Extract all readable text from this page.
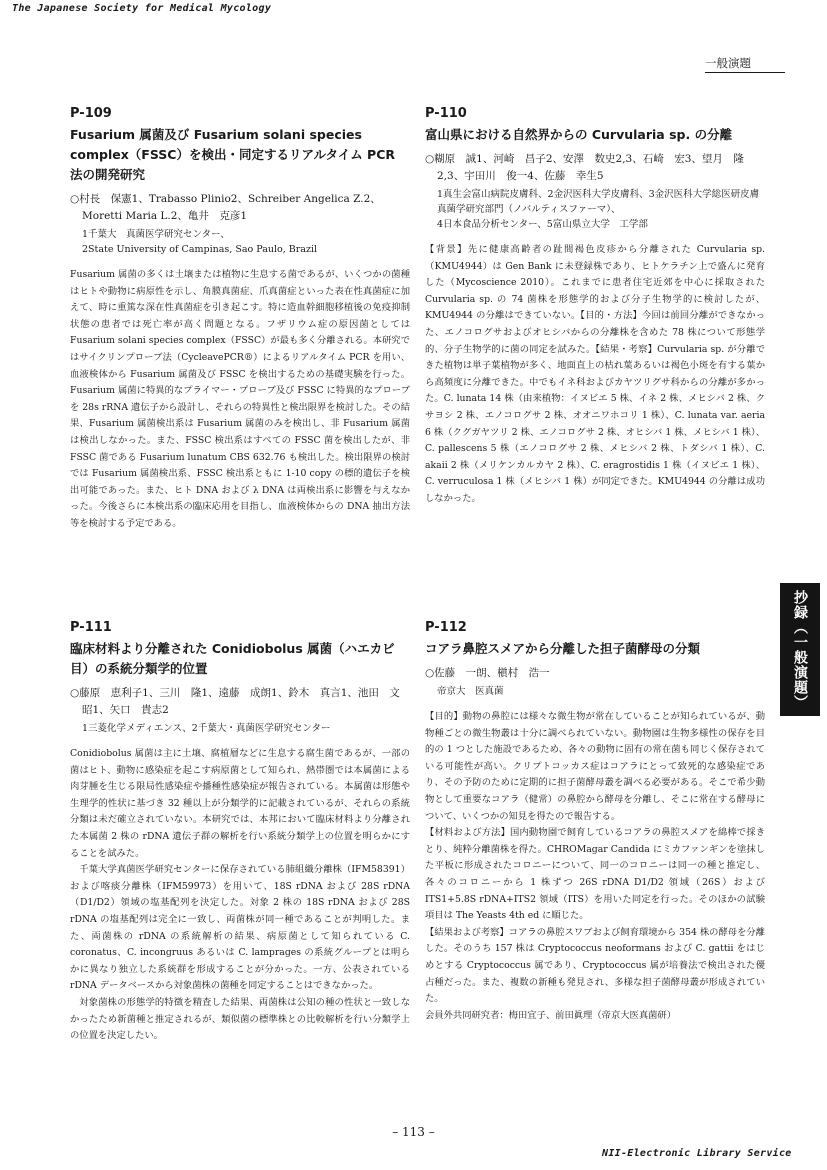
The Japanese Society for Medical Mycology
一般演題
P-109
Fusarium 属菌及び Fusarium solani species complex（FSSC）を検出・同定するリアルタイム PCR 法の開発研究
○村長　保憲1、Trabasso Plinio2、Schreiber Angelica Z.2、Moretti Maria L.2、亀井　克彦1
1千葉大　真菌医学研究センター、
2State University of Campinas, Sao Paulo, Brazil

Fusarium 属菌の多くは土壌または植物に生息する菌であるが、いくつかの菌種はヒトや動物に病原性を示し、角膜真菌症、爪真菌症といった表在性真菌症に加えて、時に重篤な深在性真菌症を引き起こす。特に造血幹細胞移植後の免疫抑制状態の患者では死亡率が高く問題となる。フザリウム症の原因菌としては Fusarium solani species complex（FSSC）が最も多く分離される。本研究ではサイクリンプローブ法（CycleavePCR®）によるリアルタイム PCR を用い、血液検体から Fusarium 属菌及び FSSC を検出するための基礎実験を行った。Fusarium 属菌に特異的なプライマー・プローブ及び FSSC に特異的なプローブを 28s rRNA 遺伝子から設計し、それらの特異性と検出限界を検討した。その結果、Fusarium 属菌検出系は Fusarium 属菌のみを検出し、非 Fusarium 属菌は検出しなかった。また、FSSC 検出系はすべての FSSC 菌を検出したが、非 FSSC 菌である Fusarium lunatum CBS 632.76 も検出した。検出限界の検討では Fusarium 属菌検出系、FSSC 検出系ともに 1-10 copy の標的遺伝子を検出可能であった。また、ヒト DNA および λ DNA は両検出系に影響を与えなかった。今後さらに本検出系の臨床応用を目指し、血液検体からの DNA 抽出方法等を検討する予定である。

P-110
富山県における自然界からの Curvularia sp. の分離
○糊原　誠1、河崎　昌子2、安澤　数史2,3、石崎　宏3、望月　隆2,3、宇田川　俊一4、佐藤　幸生5
1真生会富山病院皮膚科、2金沢医科大学皮膚科、3金沢医科大学総医研皮膚真菌学研究部門（ノバルティスファーマ）、
4日本食品分析センター、5富山県立大学　工学部

【背景】先に健康高齢者の趾間褐色皮疹から分離された Curvularia sp.（KMU4944）は Gen Bank に未登録株であり、ヒトケラチン上で盛んに発育した（Mycoscience 2010）。これまでに患者住宅近郊を中心に採取された Curvularia sp. の 74 菌株を形態学的および分子生物学的に検討したが、KMU4944 の分離はできていない。【目的・方法】今回は前回分離ができなかった、エノコログサおよびオヒシバからの分離株を含めた 78 株について形態学的、分子生物学的に菌の同定を試みた。【結果・考察】Curvularia sp. が分離できた植物は単子葉植物が多く、地面直上の枯れ葉あるいは褐色小斑を有する葉から高頻度に分離できた。中でもイネ科およびカヤツリグサ科からの分離が多かった。C. lunata 14 株（由来植物：イヌビエ 5 株、イネ 2 株、メヒシバ 2 株、クサヨシ 2 株、エノコログサ 2 株、オオニワホコリ 1 株）、C. lunata var. aeria 6 株（クグガヤツリ 2 株、エノコログサ 2 株、オヒシバ 1 株、メヒシバ 1 株）、C. pallescens 5 株（エノコログサ 2 株、メヒシバ 2 株、トダシバ 1 株）、C. akaii 2 株（メリケンカルカヤ 2 株）、C. eragrostidis 1 株（イヌビエ 1 株）、C. verruculosa 1 株（メヒシバ 1 株）が同定できた。KMU4944 の分離は成功しなかった。

P-111
臨床材料より分離された Conidiobolus 属菌（ハエカビ目）の系統分類学的位置
○藤原　恵利子1、三川　隆1、遠藤　成朗1、鈴木　真言1、池田　文昭1、矢口　貴志2
1三菱化学メディエンス、2千葉大・真菌医学研究センター

Conidiobolus 属菌は主に土壌、腐植層などに生息する腐生菌であるが、一部の菌はヒト、動物に感染症を起こす病原菌として知られ、熱帯圏では本属菌による肉芽腫を生じる限局性感染症や播種性感染症が報告されている。本属菌は形態や生理学的性状に基づき 32 種以上が分類学的に記載されているが、それらの系統分類は未だ確立されていない。本研究では、本邦において臨床材料より分離された本属菌 2 株の rDNA 遺伝子群の解析を行い系統分類学上の位置を明らかにすることを試みた。

千葉大学真菌医学研究センターに保存されている肺組織分離株（IFM58391）および喀痰分離株（IFM59973）を用いて、18S rDNA および 28S rDNA（D1/D2）領域の塩基配列を決定した。対象 2 株の 18S rDNA および 28S rDNA の塩基配列は完全に一致し、両菌株が同一種であることが判明した。また、両菌株の rDNA の系統解析の結果、病原菌として知られている C. coronatus、C. incongruus あるいは C. lamprages の系統グループとは明らかに異なり独立した系統群を形成することが分かった。一方、公表されている rDNA データベースから対象菌株の菌種を同定することはできなかった。

対象菌株の形態学的特徴を精査した結果、両菌株は公知の種の性状と一致しなかったため新菌種と推定されるが、類似菌の標準株との比較解析を行い分類学上の位置を決定したい。

P-112
コアラ鼻腔スメアから分離した担子菌酵母の分類
○佐藤　一朗、槇村　浩一
帝京大　医真菌

【目的】動物の鼻腔には様々な微生物が常在していることが知られているが、動物種ごとの微生物叢は十分に調べられていない。動物園は生物多様性の保存を目的の 1 つとした施設であるため、各々の動物に固有の常在菌も同じく保存されている可能性が高い。クリプトコッカス症はコアラにとって致死的な感染症であり、その予防のために定期的に担子菌酵母叢を調べる必要がある。そこで希少動物として重要なコアラ（健常）の鼻腔から酵母を分離し、そこに常在する酵母について、いくつかの知見を得たので報告する。

【材料および方法】国内動物園で飼育しているコアラの鼻腔スメアを綿棒で採きとり、純粋分離菌株を得た。CHROMagar Candida にミカファンギンを塗抹した平板に形成されたコロニーについて、同一のコロニーは同一の種と推定し、各々のコロニーから 1 株ずつ 26S rDNA D1/D2 領域（26S）および ITS1+5.8S rDNA+ITS2 領域（ITS）を用いた同定を行った。そのほかの試験項目は The Yeasts 4th ed に順じた。

【結果および考察】コアラの鼻腔スワブおよび飼育環境から 354 株の酵母を分離した。そのうち 157 株は Cryptococcus neoformans および C. gattii をはじめとする Cryptococcus 属であり、Cryptococcus 属が培養法で検出された優占種だった。また、複数の新種も発見され、多様な担子菌酵母叢が形成されていた。

会員外共同研究者：梅田宜子、前田眞理（帝京大医真菌研）

抄録（一般演題）
– 113 –
NII-Electronic Library Service
